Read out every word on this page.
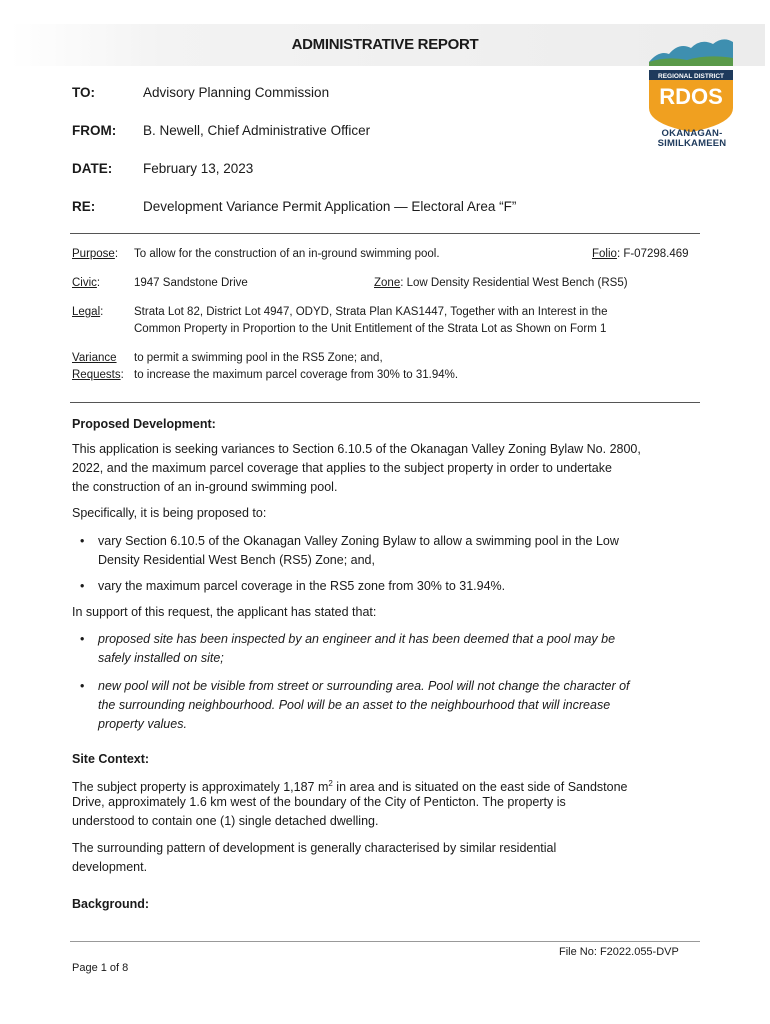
ADMINISTRATIVE REPORT
REGIONAL DISTRICT
RDOS
OKANAGAN-
SIMILKAMEEN
TO:	Advisory Planning Commission
FROM: B. Newell, Chief Administrative Officer
DATE: February 13, 2023
RE:	Development Variance Permit Application — Electoral Area “F”
Purpose: To allow for the construction of an in-ground swimming pool.	Folio: F-07298.469
Civic:	1947 Sandstone Drive	Zone: Low Density Residential West Bench (RS5)
Legal:	Strata Lot 82, District Lot 4947, ODYD, Strata Plan KAS1447, Together with an Interest in the
Common Property in Proportion to the Unit Entitlement of the Strata Lot as Shown on Form 1
Variance
Requests:
to permit a swimming pool in the RS5 Zone; and,
to increase the maximum parcel coverage from 30% to 31.94%.
Proposed Development:
This application is seeking variances to Section 6.10.5 of the Okanagan Valley Zoning Bylaw No. 2800,
2022, and the maximum parcel coverage that applies to the subject property in order to undertake
the construction of an in-ground swimming pool.
Specifically, it is being proposed to:
• vary Section 6.10.5 of the Okanagan Valley Zoning Bylaw to allow a swimming pool in the Low
Density Residential West Bench (RS5) Zone; and,
• vary the maximum parcel coverage in the RS5 zone from 30% to 31.94%.
In support of this request, the applicant has stated that:
• proposed site has been inspected by an engineer and it has been deemed that a pool may be
safely installed on site;
• new pool will not be visible from street or surrounding area. Pool will not change the character of
the surrounding neighbourhood. Pool will be an asset to the neighbourhood that will increase
property values.
Site Context:
The subject property is approximately 1,187 $m^2$ in area and is situated on the east side of Sandstone
Drive, approximately 1.6 km west of the boundary of the City of Penticton. The property is
understood to contain one (1) single detached dwelling.
The surrounding pattern of development is generally characterised by similar residential
development.
Background:
File No: F2022.055-DVP
Page 1 of 8
